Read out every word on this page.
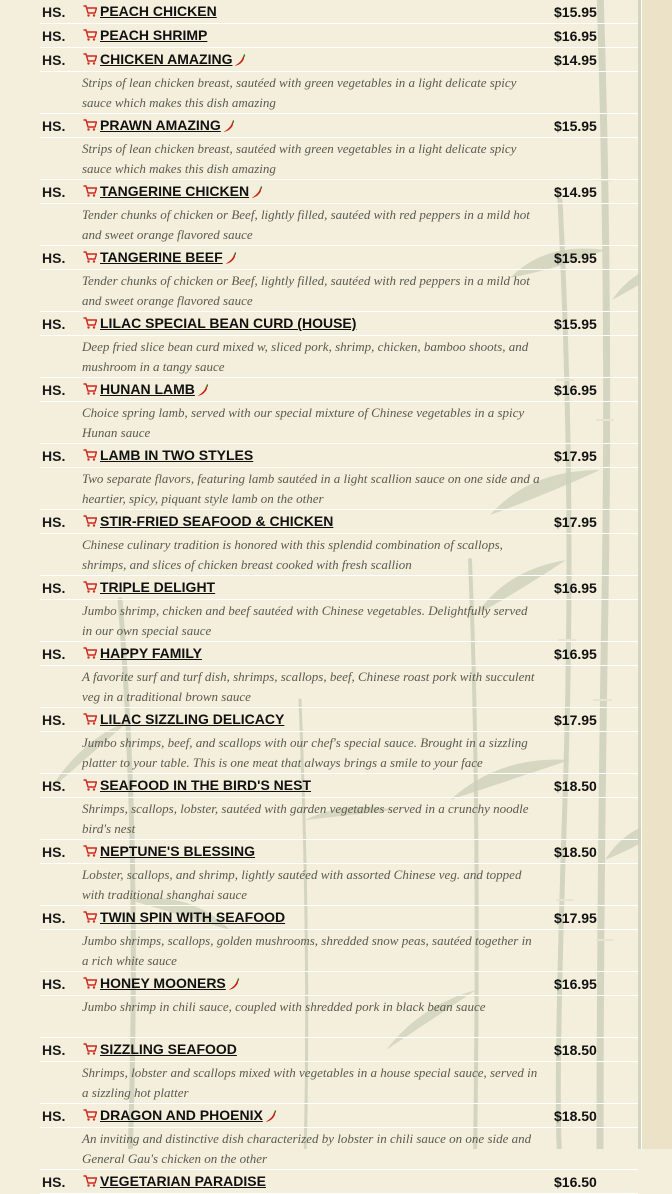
HS. PEACH CHICKEN	$15.95
HS. PEACH SHRIMP	$16.95
HS. CHICKEN AMAZING	$14.95
Strips of lean chicken breast, sautéed with green vegetables in a light delicate spicy sauce which makes this dish amazing
HS. PRAWN AMAZING	$15.95
Strips of lean chicken breast, sautéed with green vegetables in a light delicate spicy sauce which makes this dish amazing
HS. TANGERINE CHICKEN	$14.95
Tender chunks of chicken or Beef, lightly filled, sautéed with red peppers in a mild hot and sweet orange flavored sauce
HS. TANGERINE BEEF	$15.95
Tender chunks of chicken or Beef, lightly filled, sautéed with red peppers in a mild hot and sweet orange flavored sauce
HS. LILAC SPECIAL BEAN CURD (HOUSE)	$15.95
Deep fried slice bean curd mixed w, sliced pork, shrimp, chicken, bamboo shoots, and mushroom in a tangy sauce
HS. HUNAN LAMB	$16.95
Choice spring lamb, served with our special mixture of Chinese vegetables in a spicy Hunan sauce
HS. LAMB IN TWO STYLES	$17.95
Two separate flavors, featuring lamb sautéed in a light scallion sauce on one side and a heartier, spicy, piquant style lamb on the other
HS. STIR-FRIED SEAFOOD & CHICKEN	$17.95
Chinese culinary tradition is honored with this splendid combination of scallops, shrimps, and slices of chicken breast cooked with fresh scallion
HS. TRIPLE DELIGHT	$16.95
Jumbo shrimp, chicken and beef sautéed with Chinese vegetables. Delightfully served in our own special sauce
HS. HAPPY FAMILY	$16.95
A favorite surf and turf dish, shrimps, scallops, beef, Chinese roast pork with succulent veg in a traditional brown sauce
HS. LILAC SIZZLING DELICACY	$17.95
Jumbo shrimps, beef, and scallops with our chef's special sauce. Brought in a sizzling platter to your table. This is one meat that always brings a smile to your face
HS. SEAFOOD IN THE BIRD'S NEST	$18.50
Shrimps, scallops, lobster, sautéed with garden vegetables served in a crunchy noodle bird's nest
HS. NEPTUNE'S BLESSING	$18.50
Lobster, scallops, and shrimp, lightly sautéed with assorted Chinese veg. and topped with traditional shanghai sauce
HS. TWIN SPIN WITH SEAFOOD	$17.95
Jumbo shrimps, scallops, golden mushrooms, shredded snow peas, sautéed together in a rich white sauce
HS. HONEY MOONERS	$16.95
Jumbo shrimp in chili sauce, coupled with shredded pork in black bean sauce
HS. SIZZLING SEAFOOD	$18.50
Shrimps, lobster and scallops mixed with vegetables in a house special sauce, served in a sizzling hot platter
HS. DRAGON AND PHOENIX	$18.50
An inviting and distinctive dish characterized by lobster in chili sauce on one side and General Gau's chicken on the other
HS. VEGETARIAN PARADISE	$16.50
